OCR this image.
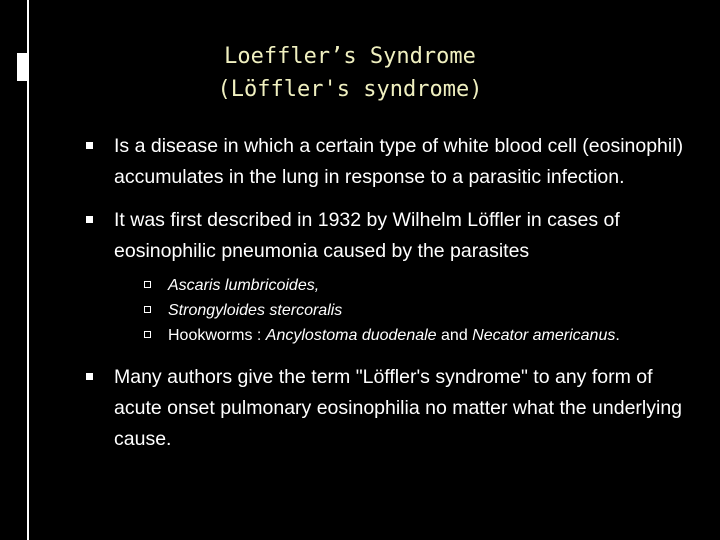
Loeffler’s Syndrome
(Löffler's syndrome)
Is a disease in which a certain type of white blood cell (eosinophil) accumulates in the lung in response to a parasitic infection.
It was first described in 1932 by Wilhelm Löffler in cases of eosinophilic pneumonia caused by the parasites
Ascaris lumbricoides,
Strongyloides stercoralis
Hookworms : Ancylostoma duodenale and Necator americanus.
Many authors give the term "Löffler's syndrome" to any form of acute onset pulmonary eosinophilia no matter what the underlying cause.
